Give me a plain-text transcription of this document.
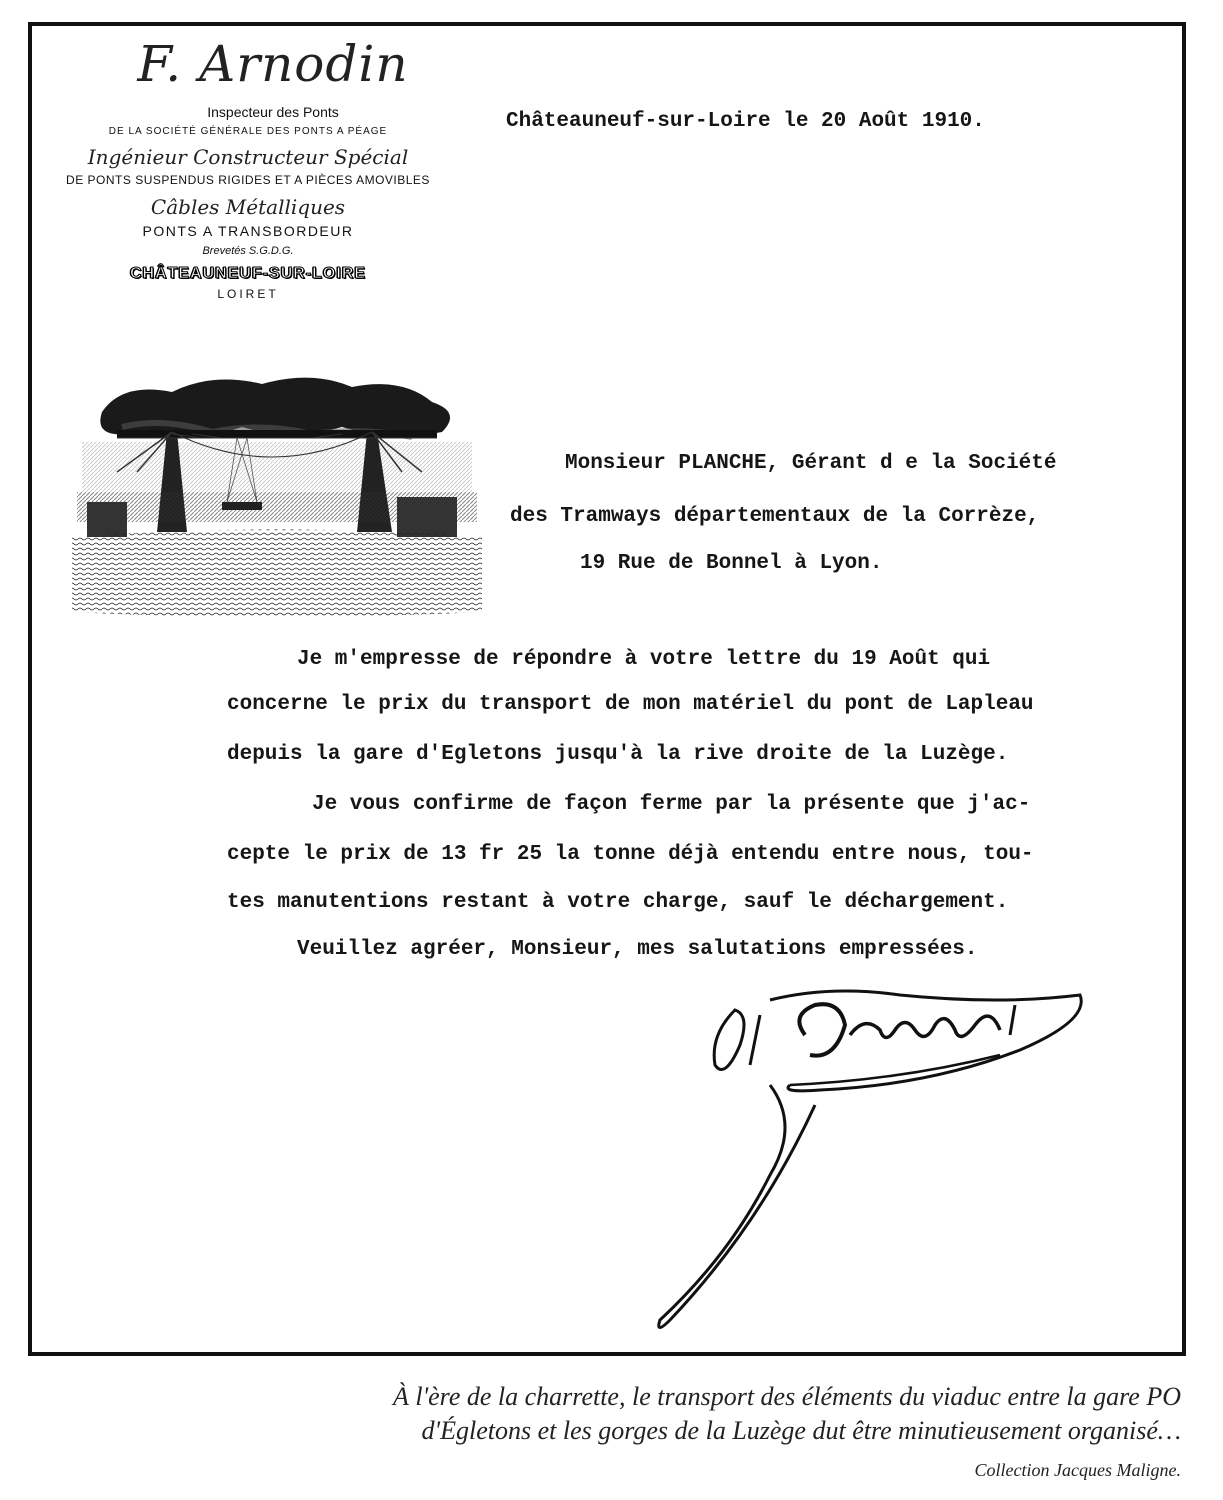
F. Arnodin
Inspecteur des Ponts
DE LA SOCIÉTÉ GÉNÉRALE DES PONTS A PÉAGE
Ingénieur Constructeur Spécial
DE PONTS SUSPENDUS RIGIDES ET A PIÈCES AMOVIBLES
Câbles Métalliques
PONTS A TRANSBORDEUR
Brevetés S.G.D.G.
CHÂTEAUNEUF-SUR-LOIRE
LOIRET
Châteauneuf-sur-Loire le 20 Août 1910.
Monsieur PLANCHE, Gérant d e la Société
des Tramways départementaux de la Corrèze,
19 Rue de Bonnel à Lyon.
Je m'empresse de répondre à votre lettre du 19 Août qui
concerne le prix du transport de mon matériel du pont de Lapleau
depuis la gare d'Egletons jusqu'à la rive droite de la Luzège.
Je vous confirme de façon ferme par la présente que j'ac-
cepte le prix de 13 fr 25 la tonne déjà entendu entre nous, tou-
tes manutentions restant à votre charge, sauf le déchargement.
Veuillez agréer, Monsieur, mes salutations empressées.
À l'ère de la charrette, le transport des éléments du viaduc entre la gare PO
d'Égletons et les gorges de la Luzège dut être minutieusement organisé…
Collection Jacques Maligne.
